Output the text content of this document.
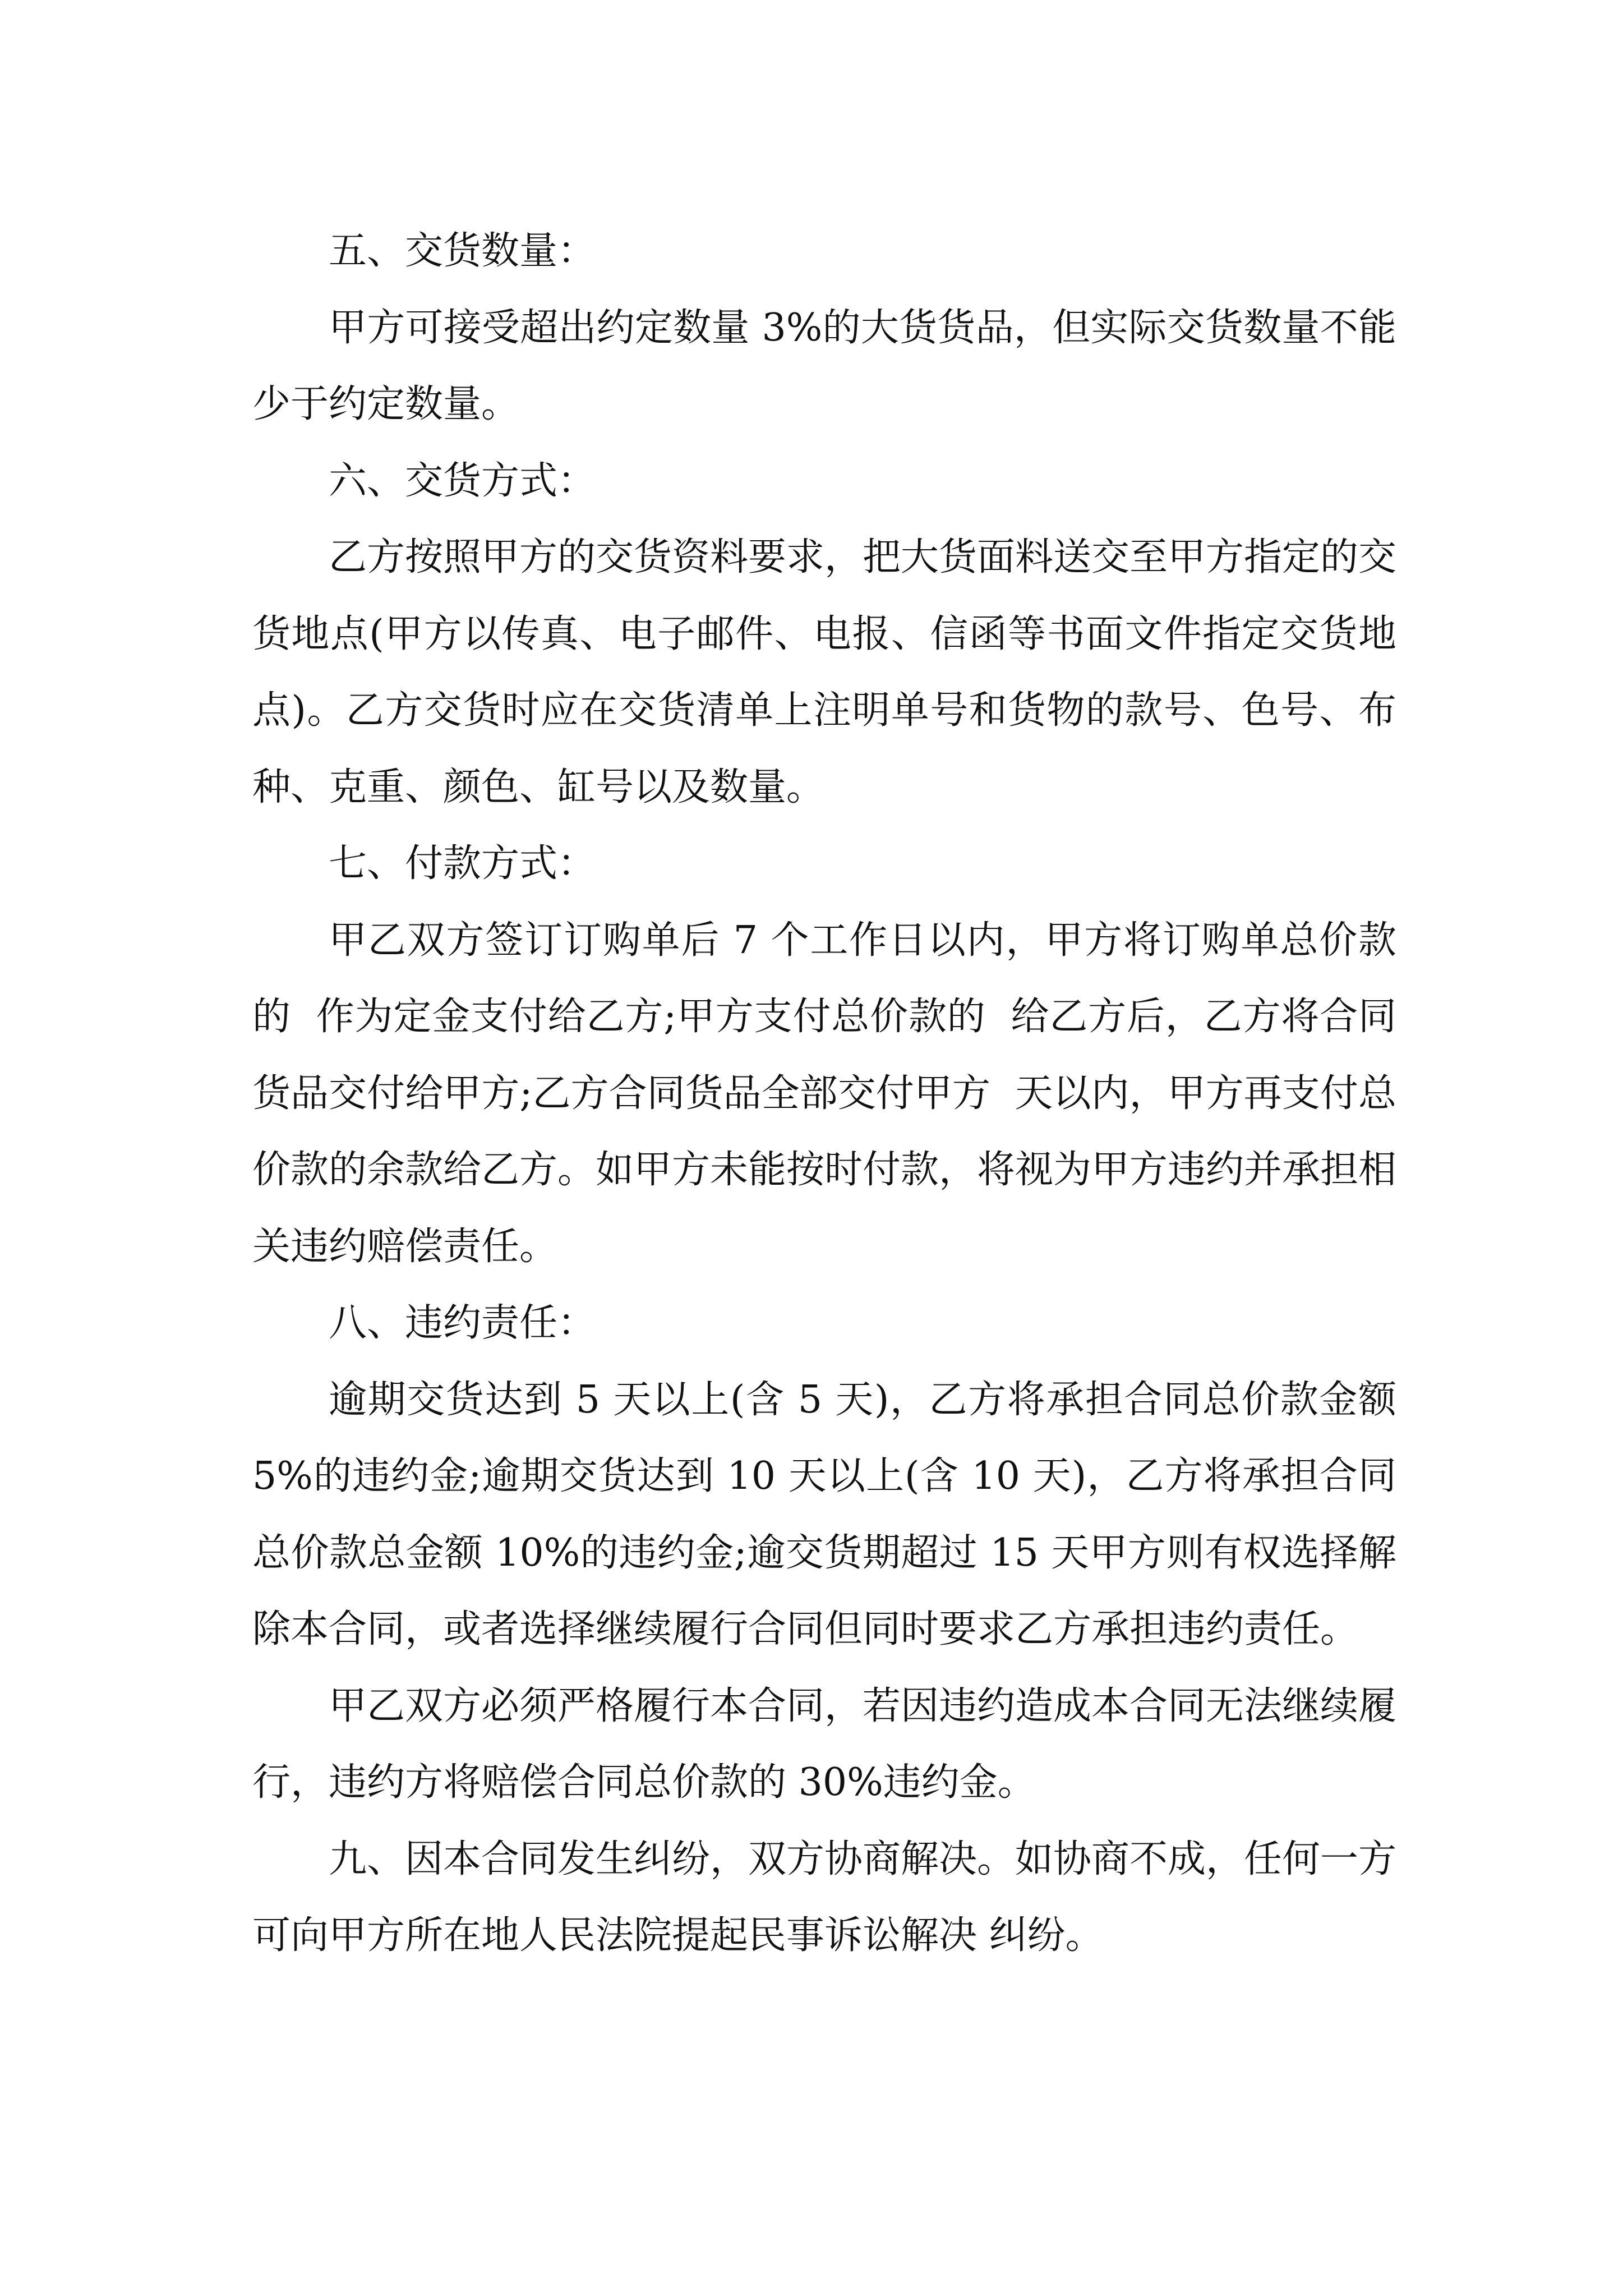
五、交货数量：

甲方可接受超出约定数量 3%的大货货品，但实际交货数量不能少于约定数量。

六、交货方式：

乙方按照甲方的交货资料要求，把大货面料送交至甲方指定的交货地点(甲方以传真、电子邮件、电报、信函等书面文件指定交货地点)。乙方交货时应在交货清单上注明单号和货物的款号、色号、布种、克重、颜色、缸号以及数量。

七、付款方式：

甲乙双方签订订购单后 7 个工作日以内，甲方将订购单总价款的  作为定金支付给乙方;甲方支付总价款的  给乙方后，乙方将合同货品交付给甲方;乙方合同货品全部交付甲方  天以内，甲方再支付总价款的余款给乙方。如甲方未能按时付款，将视为甲方违约并承担相关违约赔偿责任。

八、违约责任：

逾期交货达到 5 天以上(含 5 天)，乙方将承担合同总价款金额 5%的违约金;逾期交货达到 10 天以上(含 10 天)，乙方将承担合同总价款总金额 10%的违约金;逾交货期超过 15 天甲方则有权选择解除本合同，或者选择继续履行合同但同时要求乙方承担违约责任。

甲乙双方必须严格履行本合同，若因违约造成本合同无法继续履行，违约方将赔偿合同总价款的 30%违约金。

九、因本合同发生纠纷，双方协商解决。如协商不成，任何一方可向甲方所在地人民法院提起民事诉讼解决 纠纷。
